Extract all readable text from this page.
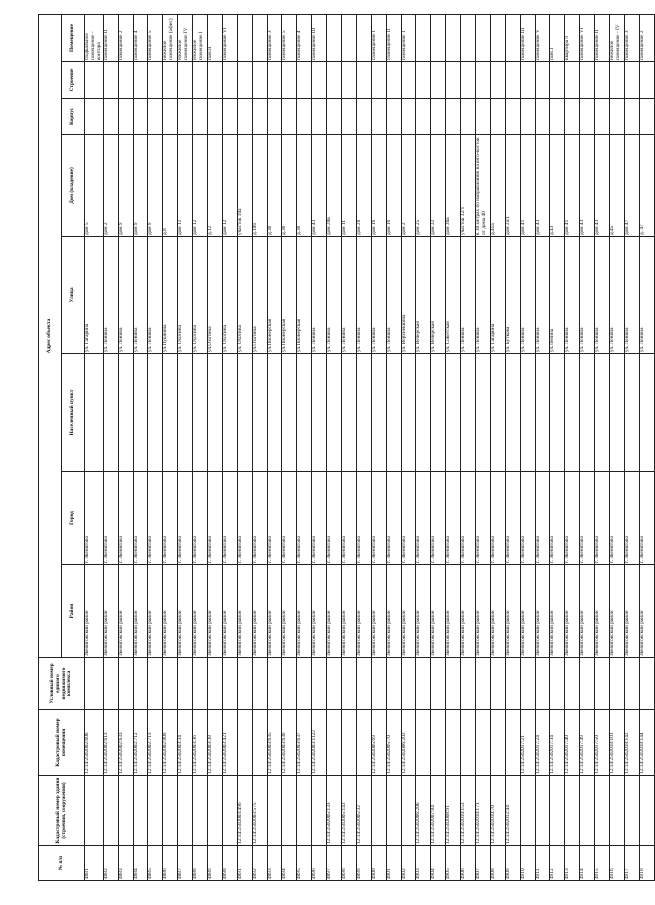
№ п/п	Кадастровый номер здания (строения, сооружения)	Кадастровый номер помещения	Условный номер единого недвижимого комплекса	Адрес объекта							
				Район	Город	Населенный пункт	Улица	Дом (владение)	Корпус	Строение	Помещение
4881		12:14:2502002:606		Звениговский район	г. Звенигово		ул. Гагарина	дом 5			Подвальное помещение - контора
4882		12:14:2502002:613		Звениговский район	г. Звенигово		ул. Ленина	дом 2			помещение II
4883		12:14:2502002:633		Звениговский район	г. Звенигово		ул. Ленина	дом 9			помещение 2
4884		12:14:2502002:712		Звениговский район	г. Звенигово		ул. Ленина	дом 9			помещение 4
4885		12:14:2502002:713		Звениговский район	г. Звенигово		ул. Ленина	дом 9			помещение 5
4886		12:14:2502002:809		Звениговский район	г. Звенигово		ул.Пушкина	д.8			нежилое помещение (офис)
4887		12:14:2502003:34		Звениговский район	г. Звенигово		ул. Охотина	дом 12			Нежилое помещение IV
4888		12:14:2502003:36		Звениговский район	г. Звенигово		ул. Охотина	дом 12			Нежилое помещение I
4889		12:14:2502003:38		Звениговский район	г. Звенигово		ул.Охотина	д.12			пом.II
4890		12:14:2502003:421		Звениговский район	г. Звенигово		ул. Охотина	дом 12			помещение VI
4891	12:14:2502003:496			Звениговский район	г. Звенигово		ул. Охотина	участок 10а			
4892	12:14:2502003:575			Звениговский район	г. Звенигово		ул.Охотина	д.10б			
4893		12:14:2502003:635		Звениговский район	г. Звенигово		ул.Пионерская	д.36			помещение 3
4894		12:14:2502003:636		Звениговский район	г. Звенигово		ул.Пионерская	д.36			помещение 5
4895		12:14:2502003:637		Звениговский район	г. Звенигово		ул.Пионерская	д.36			помещение 4
4896		12:14:2502003:1122		Звениговский район	г. Звенигово		ул. Ленина	дом 43			помещение III
4897	12:14:2502005:133			Звениговский район	г. Звенигово		ул. Ленина	дом 28в			
4898	12:14:2502005:143			Звениговский район	г. Звенигово		ул. Ленина	дом 11			
4899	12:14:2502005:32			Звениговский район	г. Звенигово		ул. Ленина	дом 28			
4900		12:14:2502005:69		Звениговский район	г. Звенигово		ул. Ленина	дом 16			Помещение I
4901		12:14:2502005:70		Звениговский район	г. Звенигово		ул. Ленина	дом 16			Помещение II
4902		12:14:2502006:202		Звениговский район	г. Звенигово		ул. Верхнекинна	дом 2			помещение 1
4903	12:14:2502006:206			Звениговский район	г. Звенигово		ул. Вечерская	дом 25			
4904	12:14:2502007:84			Звениговский район	г. Звенигово		ул. Вечерская	дом 32			
4905	12:14:2502008:91			Звениговский район	г. Звенигово		ул. Советская	дом 30а			
4906	12:14:2502010:153			Звениговский район	г. Звенигово		ул. Ленина	участок 32/1			
4907	12:14:2502010:171			Звениговский район	г. Звенигово		ул. Ленина	в 30 метрах по направлению на юго-восток от дома 40			
4908	12:14:2502010:70			Звениговский район	г. Звенигово		ул. Гагарина	д.41а			
4909	12:14:2502012:44			Звениговский район	г. Звенигово		ул. Буткова	дом 2а/1			
4910		12:14:2502017:21		Звениговский район	г. Звенигово		ул. Ленина	дом 41			помещение III
4911		12:14:2502017:24		Звениговский район	г. Звенигово		ул. Ленина	дом 43			помещение V
4912		12:14:2502017:34		Звениговский район	г. Звенигово		ул.Ленина	д.43			пом.1
4913		12:14:2502017:40		Звениговский район	г. Звенигово		ул. Ленина	дом 41			квартира 9
4914		12:14:2502017:49		Звениговский район	г. Звенигово		ул. Ленина	дом 43			помещение VI
4915		12:14:2502017:50		Звениговский район	г. Звенигово		ул. Ленина	дом 43			помещение II
4916		12:14:2502018:101		Звениговский район	г. Звенигово		ул. Ленина	д.45			нежилое помещение - IV
4917		12:14:2502018:142		Звениговский район	г. Звенигово		ул. Ленина	дом 47			помещение 3
4918		12:14:2502018:144		Звениговский район	г. Звенигово		ул. Ленина	д. 47			помещение 2
